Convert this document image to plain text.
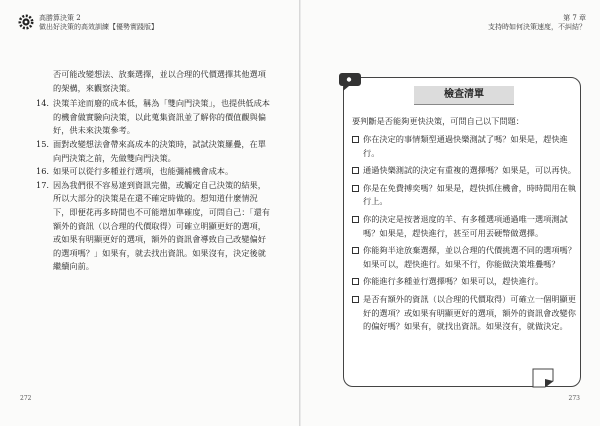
高勝算決策 2
做出好決策的高效訓練【優勢實踐版】
否可能改變想法、放棄選擇，並以合理的代價選擇其他選項的架構，來觀察決策。
14. 決策羊途而廢的成本低，稱為「雙向門決策」，也提供低成本的機會做實驗向決策，以此蒐集資訊並了解你的價值觀與偏好，供未來決策參考。
15. 面對改變想法會帶來高成本的決策時，試試決策羅疊，在單向門決策之前，先做雙向門決策。
16. 如果可以從行多種並行選項，也能彌補機會成本。
17. 因為我們很不容易達到資訊完備，或觸定自己決策的結果，所以大部分的決策是在還不確定時做的。想知道什麼情況下，即便花再多時間也不可能增加準確度，可問自己：「還有額外的資訊（以合理的代價取得）可確立明顯更好的選項，或如果有明顯更好的選項，額外的資訊會導致自己改變偏好的選項嗎？」如果有，就去找出資訊。如果沒有，決定後就繼續向前。
272
第 7 章
支持時如何決策速度，不糾結？
檢查清單
要判斷是否能夠更快決策，可問自己以下問題：
你在決定的事情類型通過快樂測試了嗎？如果是，趕快進行。
通過快樂測試的決定有重複的選擇嗎？如果是，可以再快。
你是在免費搏奕嗎？如果是，趕快抓住機會，時時間用在執行上。
你的決定是按著退度的羊、有多種選項通過唯一選項測試嗎？如果是，趕快進行，甚至可用丟硬幣做選擇。
你能夠半途放棄選擇，並以合理的代價挑選不同的選項嗎？如果可以，趕快進行。如果不行，你能做決策堆疊嗎？
你能進行多種並行選擇嗎？如果可以，趕快進行。
是否有額外的資訊（以合理的代價取得）可確立一個明顯更好的選項？或如果有明顯更好的選項，額外的資訊會改變你的偏好嗎？如果有，就找出資訊。如果沒有，就做決定。
273
